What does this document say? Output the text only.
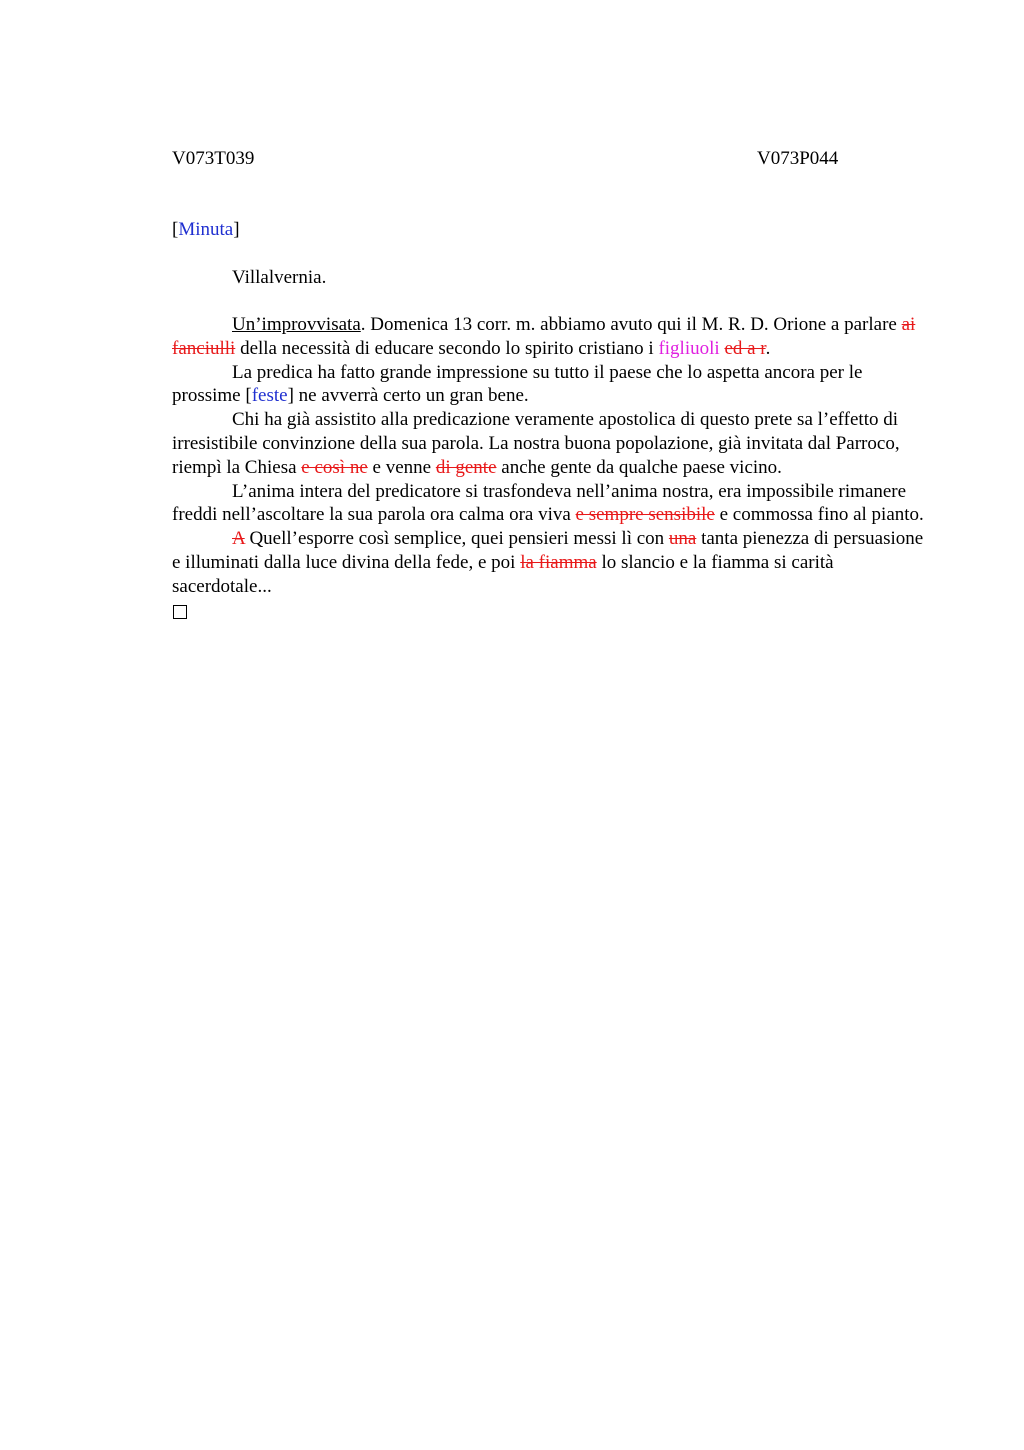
V073T039	V073P044
[Minuta]
Villalvernia.

Un’improvvisata. Domenica 13 corr. m. abbiamo avuto qui il M. R. D. Orione a parlare ai fanciulli della necessità di educare secondo lo spirito cristiano i figliuoli ed a r.

La predica ha fatto grande impressione su tutto il paese che lo aspetta ancora per le prossime [feste] ne avverrà certo un gran bene.

Chi ha già assistito alla predicazione veramente apostolica di questo prete sa l’effetto di irresistibile convinzione della sua parola. La nostra buona popolazione, già invitata dal Parroco, riempì la Chiesa e così ne e venne di gente anche gente da qualche paese vicino.

L’anima intera del predicatore si trasfondeva nell’anima nostra, era impossibile rimanere freddi nell’ascoltare la sua parola ora calma ora viva e sempre sensibile e commossa fino al pianto.

A Quell’esporre così semplice, quei pensieri messi lì con una tanta pienezza di persuasione e illuminati dalla luce divina della fede, e poi la fiamma lo slancio e la fiamma si carità sacerdotale...
